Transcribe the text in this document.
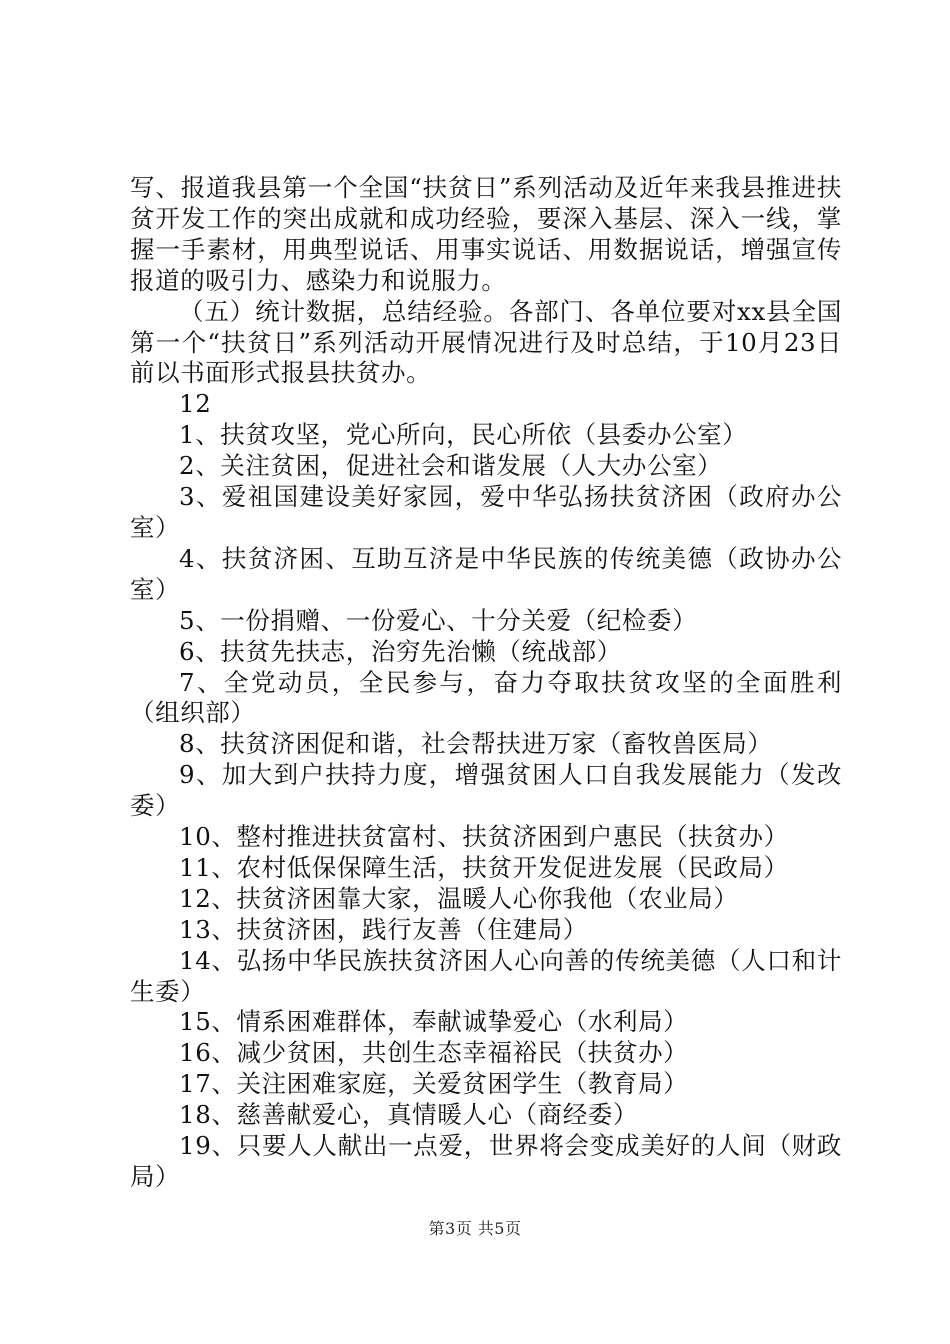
写、报道我县第一个全国“扶贫日”系列活动及近年来我县推进扶贫开发工作的突出成就和成功经验，要深入基层、深入一线，掌握一手素材，用典型说话、用事实说话、用数据说话，增强宣传报道的吸引力、感染力和说服力。

（五）统计数据，总结经验。各部门、各单位要对xx县全国第一个“扶贫日”系列活动开展情况进行及时总结，于10月23日前以书面形式报县扶贫办。

12

1、扶贫攻坚，党心所向，民心所依（县委办公室）

2、关注贫困，促进社会和谐发展（人大办公室）

3、爱祖国建设美好家园，爱中华弘扬扶贫济困（政府办公室）

4、扶贫济困、互助互济是中华民族的传统美德（政协办公室）

5、一份捐赠、一份爱心、十分关爱（纪检委）

6、扶贫先扶志，治穷先治懒（统战部）

7、全党动员，全民参与，奋力夺取扶贫攻坚的全面胜利（组织部）

8、扶贫济困促和谐，社会帮扶进万家（畜牧兽医局）

9、加大到户扶持力度，增强贫困人口自我发展能力（发改委）

10、整村推进扶贫富村、扶贫济困到户惠民（扶贫办）

11、农村低保保障生活，扶贫开发促进发展（民政局）

12、扶贫济困靠大家，温暖人心你我他（农业局）

13、扶贫济困，践行友善（住建局）

14、弘扬中华民族扶贫济困人心向善的传统美德（人口和计生委）

15、情系困难群体，奉献诚挚爱心（水利局）

16、减少贫困，共创生态幸福裕民（扶贫办）

17、关注困难家庭，关爱贫困学生（教育局）

18、慈善献爱心，真情暖人心（商经委）

19、只要人人献出一点爱，世界将会变成美好的人间（财政局）

第3页 共5页
